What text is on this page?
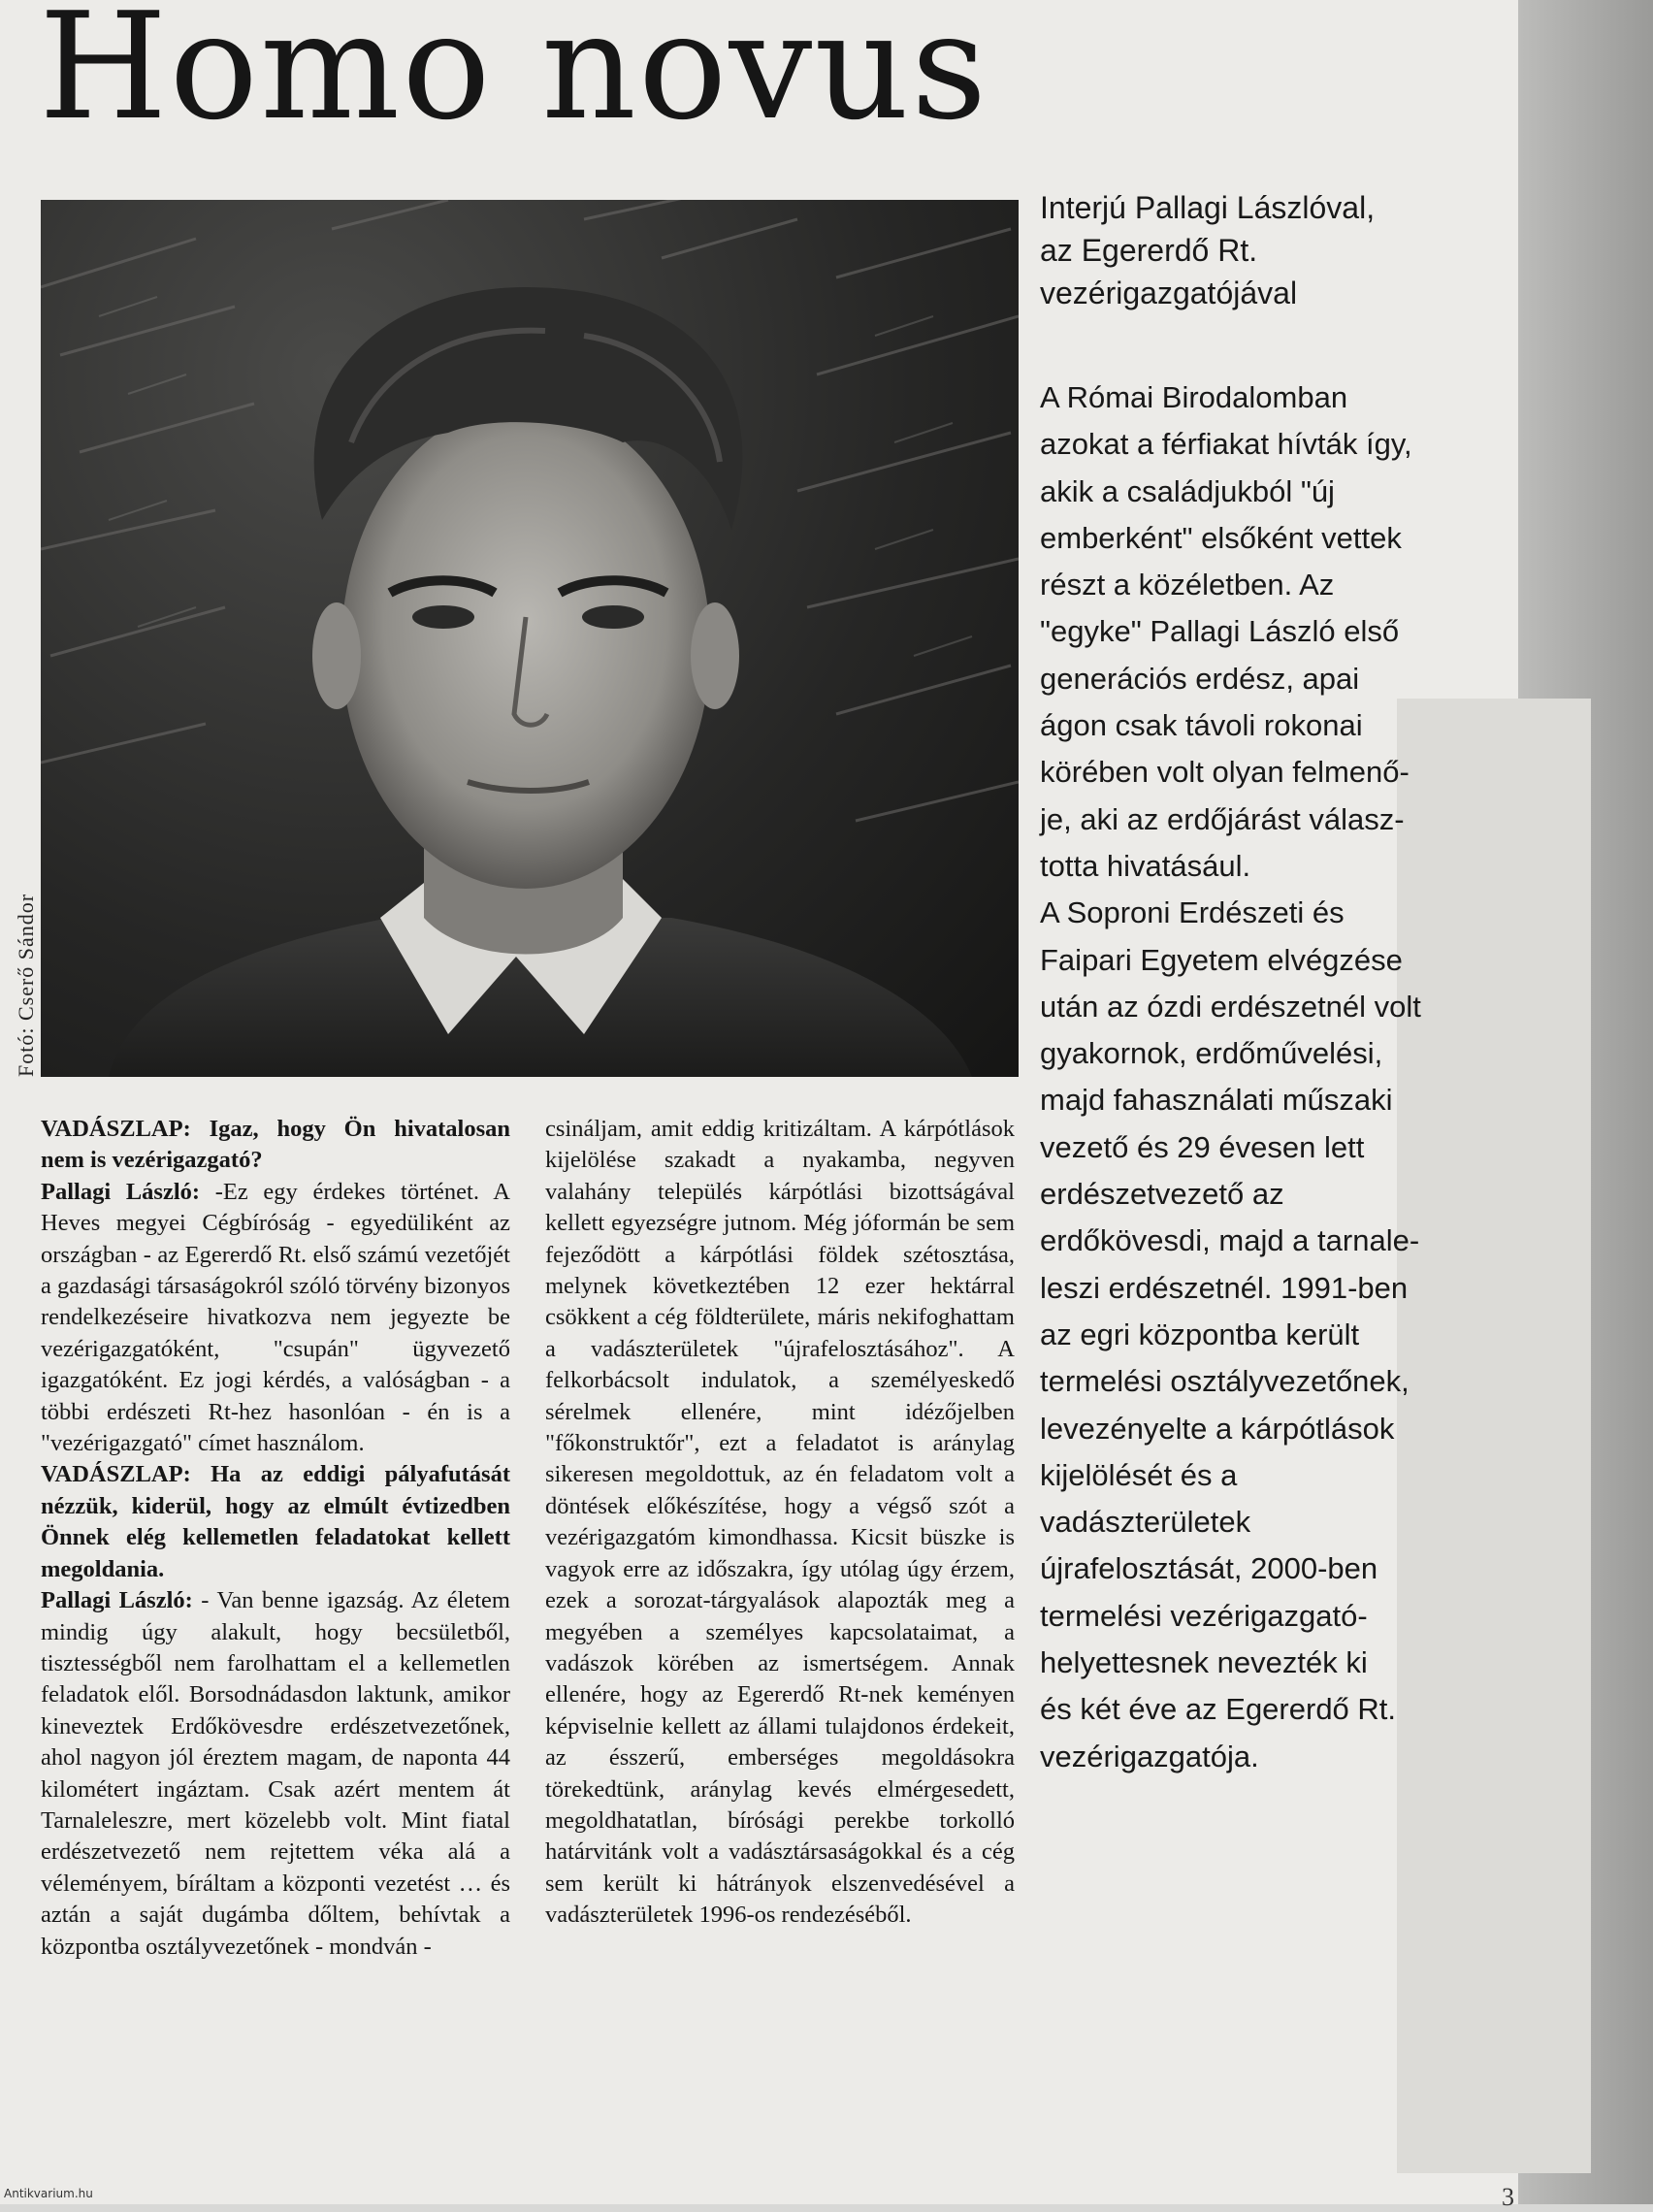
Homo novus
Fotó: Cserő Sándor
Interjú Pallagi Lászlóval,
az Egererdő Rt.
vezérigazgatójával
A Római Birodalomban
azokat a férfiakat hívták így,
akik a családjukból "új
emberként" elsőként vettek
részt a közéletben. Az
"egyke" Pallagi László első
generációs erdész, apai
ágon csak távoli rokonai
körében volt olyan felmenő-
je, aki az erdőjárást válasz-
totta hivatásául.
A Soproni Erdészeti és
Faipari Egyetem elvégzése
után az ózdi erdészetnél volt
gyakornok, erdőművelési,
majd fahasználati műszaki
vezető és 29 évesen lett
erdészetvezető az
erdőkövesdi, majd a tarnale-
leszi erdészetnél. 1991-ben
az egri központba került
termelési osztályvezetőnek,
levezényelte a kárpótlások
kijelölését és a
vadászterületek
újrafelosztását, 2000-ben
termelési vezérigazgató-
helyettesnek nevezték ki
és két éve az Egererdő Rt.
vezérigazgatója.

VADÁSZLAP: Igaz, hogy Ön hivatalosan nem is vezérigazgató?

Pallagi László: -Ez egy érdekes történet. A Heves megyei Cégbíróság - egyedüliként az országban - az Egererdő Rt. első számú vezetőjét a gazdasági társaságokról szóló törvény bizonyos rendelkezéseire hivatkozva nem jegyezte be vezérigazgatóként, "csupán" ügyvezető igazgatóként. Ez jogi kérdés, a valóságban - a többi erdészeti Rt-hez hasonlóan - én is a "vezérigazgató" címet használom.

VADÁSZLAP: Ha az eddigi pályafutását nézzük, kiderül, hogy az elmúlt évtizedben Önnek elég kellemetlen feladatokat kellett megoldania.

Pallagi László: - Van benne igazság. Az életem mindig úgy alakult, hogy becsületből, tisztességből nem farolhattam el a kellemetlen feladatok elől. Borsodnádasdon laktunk, amikor kineveztek Erdőkövesdre erdészetvezetőnek, ahol nagyon jól éreztem magam, de naponta 44 kilométert ingáztam. Csak azért mentem át Tarnaleleszre, mert közelebb volt. Mint fiatal erdészetvezető nem rejtettem véka alá a véleményem, bíráltam a központi vezetést … és aztán a saját dugámba dőltem, behívtak a központba osztályvezetőnek - mondván -

csináljam, amit eddig kritizáltam. A kárpótlások kijelölése szakadt a nyakamba, negyven valahány település kárpótlási bizottságával kellett egyezségre jutnom. Még jóformán be sem fejeződött a kárpótlási földek szétosztása, melynek következtében 12 ezer hektárral csökkent a cég földterülete, máris nekifoghattam a vadászterületek "újrafelosztásához". A felkorbácsolt indulatok, a személyeskedő sérelmek ellenére, mint idézőjelben "főkonstruktőr", ezt a feladatot is aránylag sikeresen megoldottuk, az én feladatom volt a döntések előkészítése, hogy a végső szót a vezérigazgatóm kimondhassa. Kicsit büszke is vagyok erre az időszakra, így utólag úgy érzem, ezek a sorozat-tárgyalások alapozták meg a megyében a személyes kapcsolataimat, a vadászok körében az ismertségem. Annak ellenére, hogy az Egererdő Rt-nek keményen képviselnie kellett az állami tulajdonos érdekeit, az ésszerű, emberséges megoldásokra törekedtünk, aránylag kevés elmérgesedett, megoldhatatlan, bírósági perekbe torkolló határvitánk volt a vadásztársaságokkal és a cég sem került ki hátrányok elszenvedésével a vadászterületek 1996-os rendezéséből.

3
Antikvarium.hu
